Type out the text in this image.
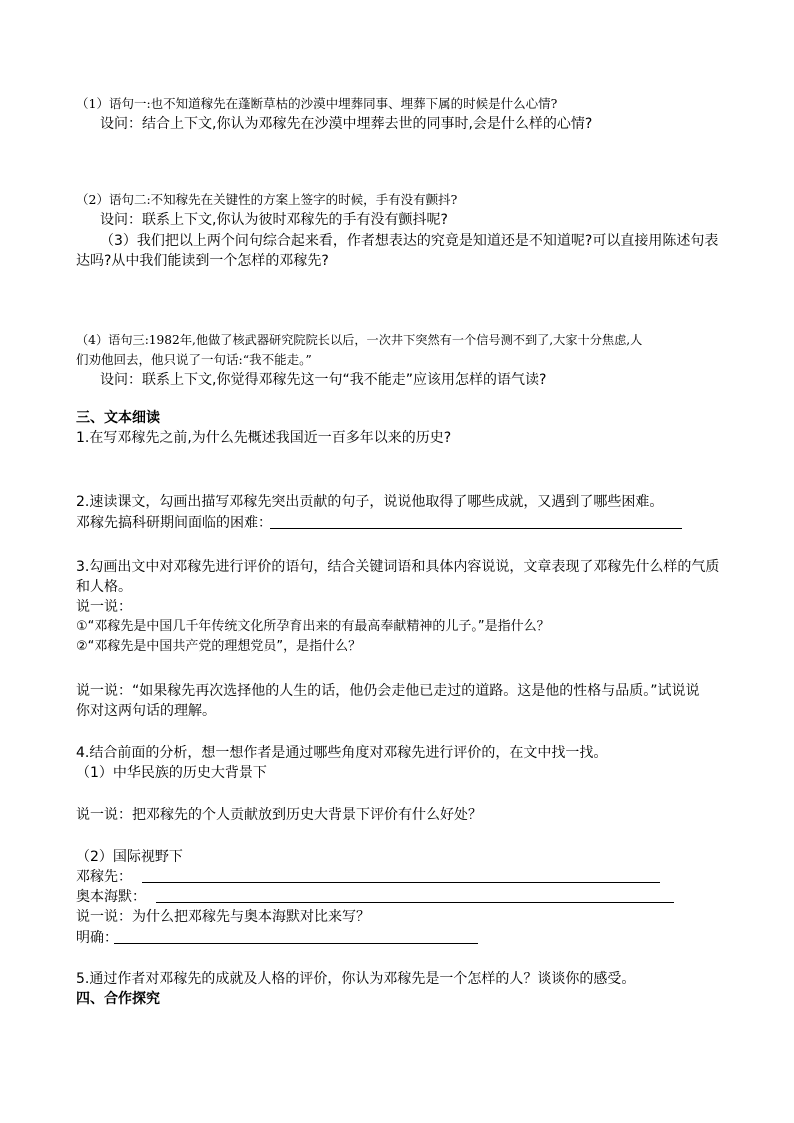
（1）语句一:也不知道稼先在蓬断草枯的沙漠中埋葬同事、埋葬下属的时候是什么心情?
设问：结合上下文,你认为邓稼先在沙漠中埋葬去世的同事时,会是什么样的心情?
（2）语句二:不知稼先在关键性的方案上签字的时候，手有没有颤抖?
设问：联系上下文,你认为彼时邓稼先的手有没有颤抖呢?
（3）我们把以上两个问句综合起来看，作者想表达的究竟是知道还是不知道呢?可以直接用陈述句表
达吗?从中我们能读到一个怎样的邓稼先?
（4）语句三:1982年,他做了核武器研究院院长以后，一次井下突然有一个信号测不到了,大家十分焦虑,人
们劝他回去，他只说了一句话:“我不能走。”
设问：联系上下文,你觉得邓稼先这一句“我不能走”应该用怎样的语气读?
三、文本细读
1.在写邓稼先之前,为什么先概述我国近一百多年以来的历史?
2.速读课文，勾画出描写邓稼先突出贡献的句子，说说他取得了哪些成就，又遇到了哪些困难。
邓稼先搞科研期间面临的困难：
3.勾画出文中对邓稼先进行评价的语句，结合关键词语和具体内容说说，文章表现了邓稼先什么样的气质
和人格。
说一说：
①“邓稼先是中国几千年传统文化所孕育出来的有最高奉献精神的儿子。”是指什么？
②“邓稼先是中国共产党的理想党员”，是指什么？
说一说：“如果稼先再次选择他的人生的话，他仍会走他已走过的道路。这是他的性格与品质。”试说说
你对这两句话的理解。
4.结合前面的分析，想一想作者是通过哪些角度对邓稼先进行评价的，在文中找一找。
（1）中华民族的历史大背景下
说一说：把邓稼先的个人贡献放到历史大背景下评价有什么好处？
（2）国际视野下
邓稼先：
奥本海默：
说一说：为什么把邓稼先与奥本海默对比来写？
明确：
5.通过作者对邓稼先的成就及人格的评价，你认为邓稼先是一个怎样的人？谈谈你的感受。
四、合作探究
